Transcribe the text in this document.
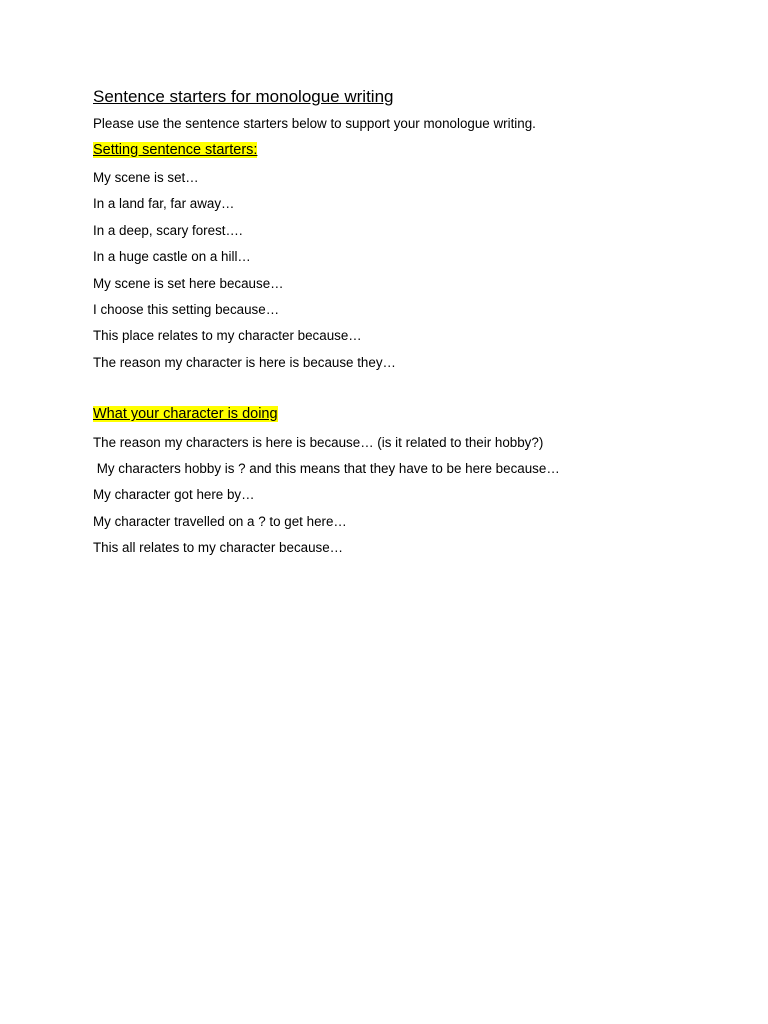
Sentence starters for monologue writing

Please use the sentence starters below to support your monologue writing.

Setting sentence starters:

My scene is set…
In a land far, far away…
In a deep, scary forest….
In a huge castle on a hill…
My scene is set here because…
I choose this setting because…
This place relates to my character because…
The reason my character is here is because they…

What your character is doing

The reason my characters is here is because… (is it related to their hobby?)
My characters hobby is ? and this means that they have to be here because…
My character got here by…
My character travelled on a ? to get here…
This all relates to my character because…
